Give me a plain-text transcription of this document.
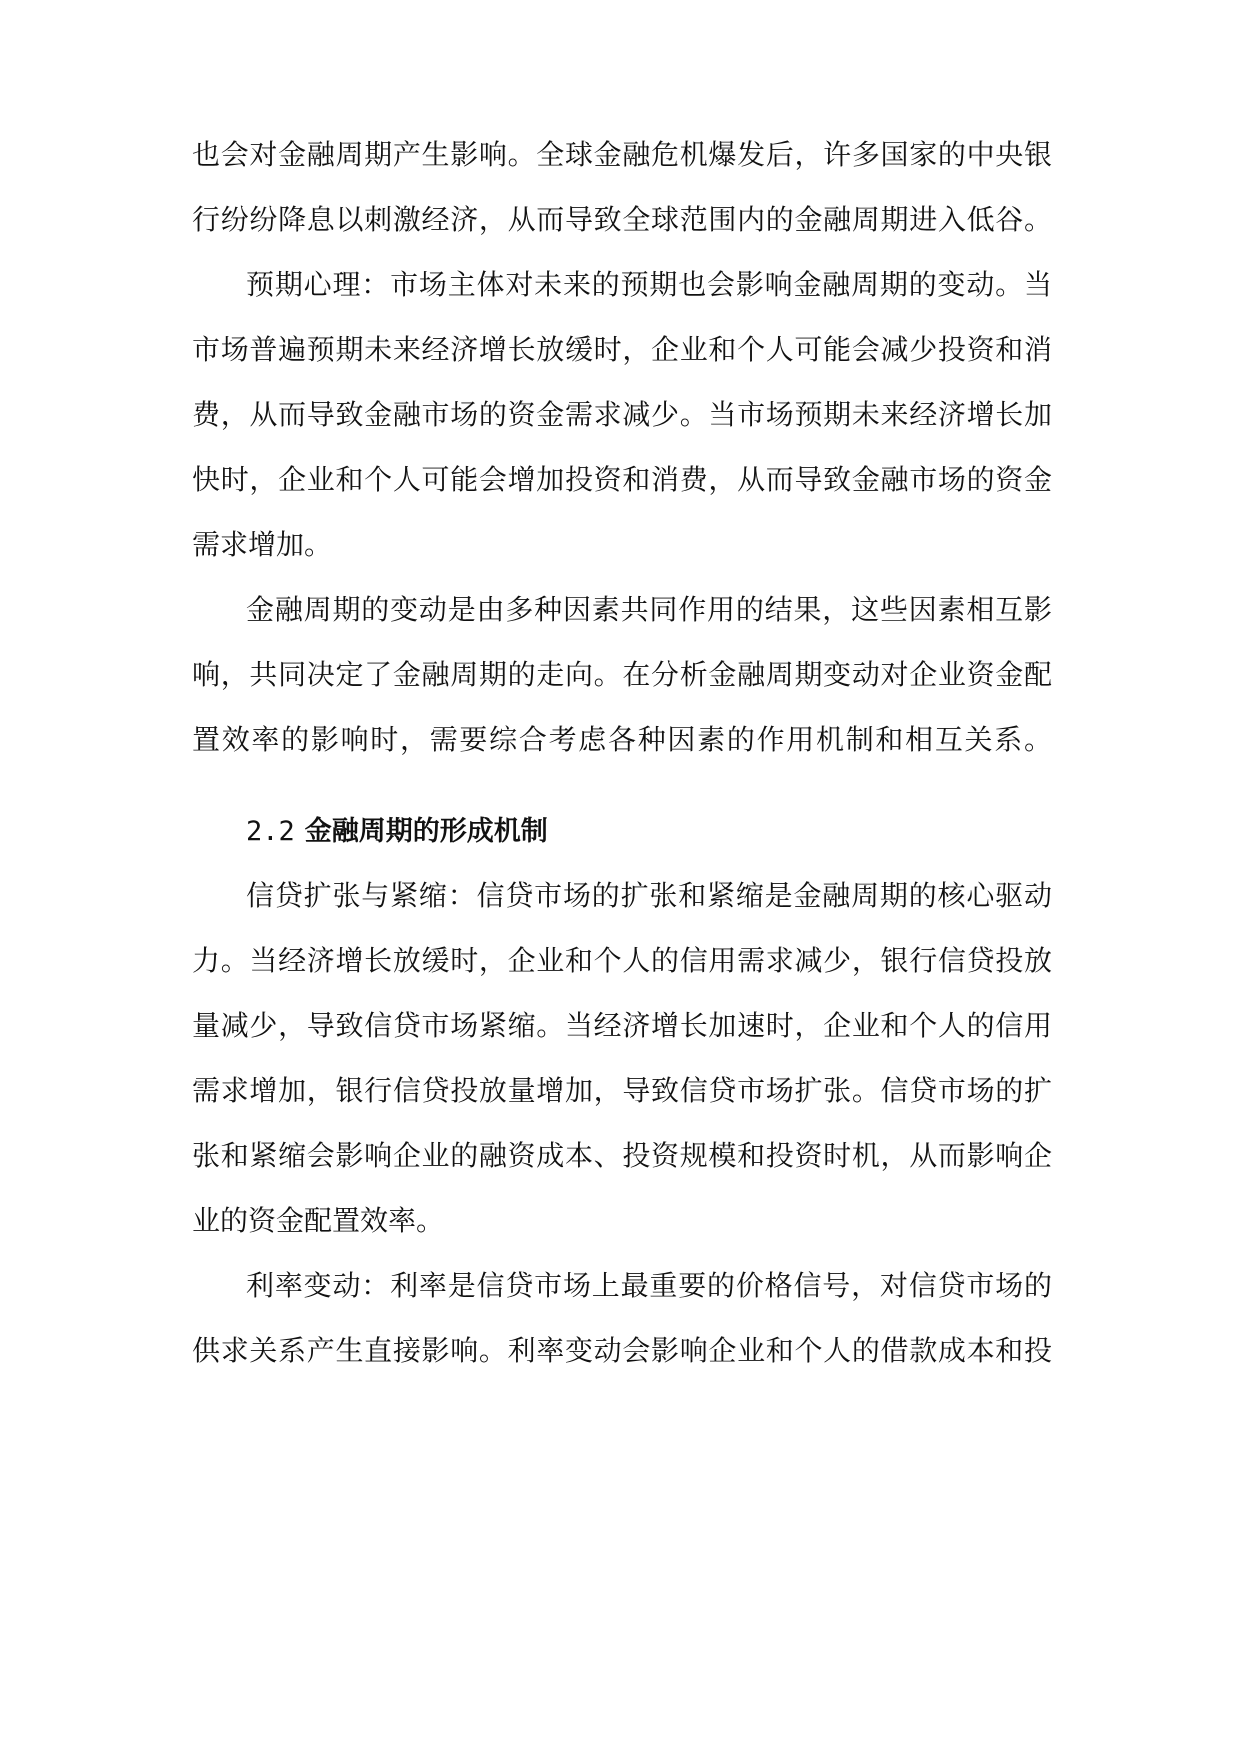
也会对金融周期产生影响。全球金融危机爆发后，许多国家的中央银
行纷纷降息以刺激经济，从而导致全球范围内的金融周期进入低谷。
预期心理：市场主体对未来的预期也会影响金融周期的变动。当
市场普遍预期未来经济增长放缓时，企业和个人可能会减少投资和消
费，从而导致金融市场的资金需求减少。当市场预期未来经济增长加
快时，企业和个人可能会增加投资和消费，从而导致金融市场的资金
需求增加。
金融周期的变动是由多种因素共同作用的结果，这些因素相互影
响，共同决定了金融周期的走向。在分析金融周期变动对企业资金配
置效率的影响时，需要综合考虑各种因素的作用机制和相互关系。
2.2 金融周期的形成机制
信贷扩张与紧缩：信贷市场的扩张和紧缩是金融周期的核心驱动
力。当经济增长放缓时，企业和个人的信用需求减少，银行信贷投放
量减少，导致信贷市场紧缩。当经济增长加速时，企业和个人的信用
需求增加，银行信贷投放量增加，导致信贷市场扩张。信贷市场的扩
张和紧缩会影响企业的融资成本、投资规模和投资时机，从而影响企
业的资金配置效率。
利率变动：利率是信贷市场上最重要的价格信号，对信贷市场的
供求关系产生直接影响。利率变动会影响企业和个人的借款成本和投
